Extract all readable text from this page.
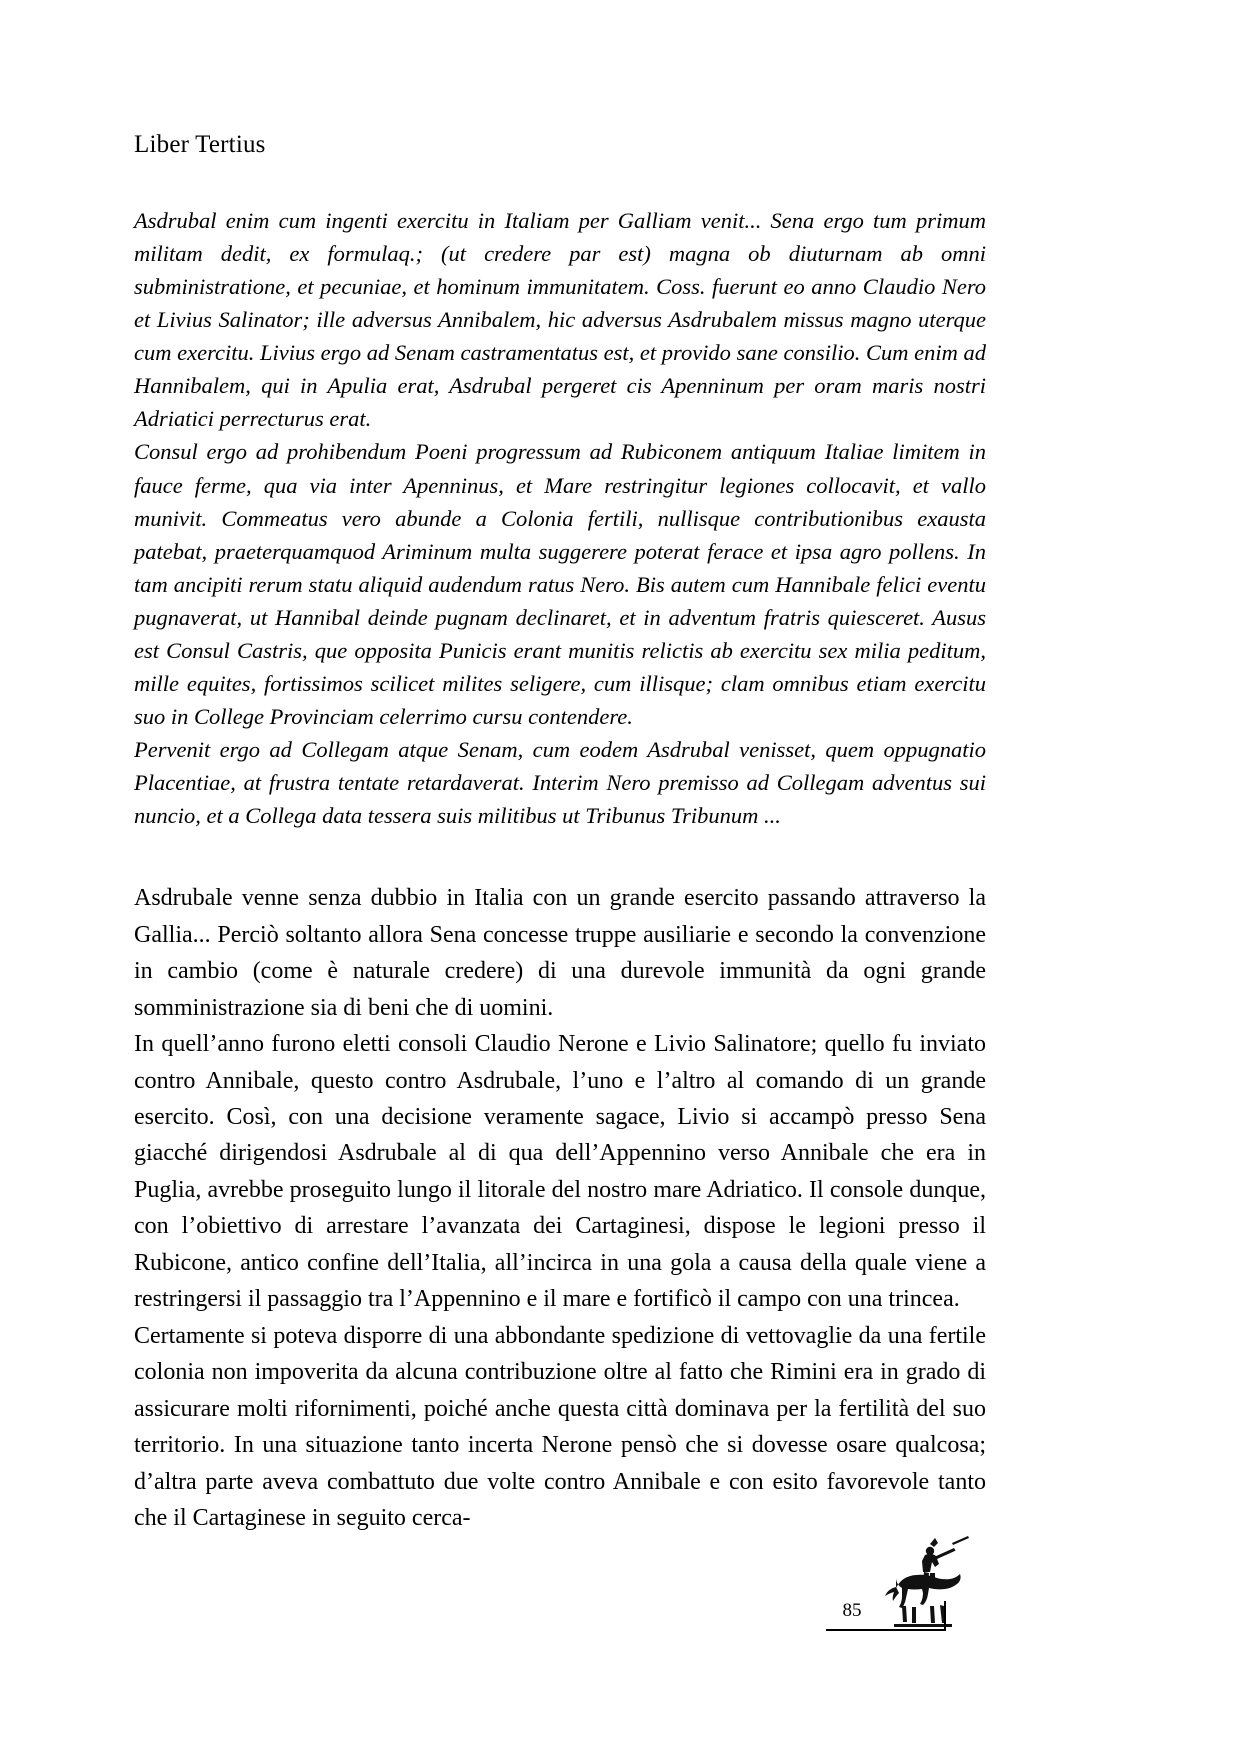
Liber Tertius

Asdrubal enim cum ingenti exercitu in Italiam per Galliam venit... Sena ergo tum primum militam dedit, ex formulaq.; (ut credere par est) magna ob diuturnam ab omni subministratione, et pecuniae, et hominum immunitatem. Coss. fuerunt eo anno Claudio Nero et Livius Salinator; ille adversus Annibalem, hic adversus Asdrubalem missus magno uterque cum exercitu. Livius ergo ad Senam castramentatus est, et provido sane consilio. Cum enim ad Hannibalem, qui in Apulia erat, Asdrubal pergeret cis Apenninum per oram maris nostri Adriatici perrecturus erat.

Consul ergo ad prohibendum Poeni progressum ad Rubiconem antiquum Italiae limitem in fauce ferme, qua via inter Apenninus, et Mare restringitur legiones collocavit, et vallo munivit. Commeatus vero abunde a Colonia fertili, nullisque contributionibus exausta patebat, praeterquamquod Ariminum multa suggerere poterat ferace et ipsa agro pollens. In tam ancipiti rerum statu aliquid audendum ratus Nero. Bis autem cum Hannibale felici eventu pugnaverat, ut Hannibal deinde pugnam declinaret, et in adventum fratris quiesceret. Ausus est Consul Castris, que opposita Punicis erant munitis relictis ab exercitu sex milia peditum, mille equites, fortissimos scilicet milites seligere, cum illisque; clam omnibus etiam exercitu suo in College Provinciam celerrimo cursu contendere.

Pervenit ergo ad Collegam atque Senam, cum eodem Asdrubal venisset, quem oppugnatio Placentiae, at frustra tentate retardaverat. Interim Nero premisso ad Collegam adventus sui nuncio, et a Collega data tessera suis militibus ut Tribunus Tribunum ...

Asdrubale venne senza dubbio in Italia con un grande esercito passando attraverso la Gallia... Perciò soltanto allora Sena concesse truppe ausiliarie e secondo la convenzione in cambio (come è naturale credere) di una durevole immunità da ogni grande somministrazione sia di beni che di uomini.

In quell’anno furono eletti consoli Claudio Nerone e Livio Salinatore; quello fu inviato contro Annibale, questo contro Asdrubale, l’uno e l’altro al comando di un grande esercito. Così, con una decisione veramente sagace, Livio si accampò presso Sena giacché dirigendosi Asdrubale al di qua dell’Appennino verso Annibale che era in Puglia, avrebbe proseguito lungo il litorale del nostro mare Adriatico. Il console dunque, con l’obiettivo di arrestare l’avanzata dei Cartaginesi, dispose le legioni presso il Rubicone, antico confine dell’Italia, all’incirca in una gola a causa della quale viene a restringersi il passaggio tra l’Appennino e il mare e fortificò il campo con una trincea.

Certamente si poteva disporre di una abbondante spedizione di vettovaglie da una fertile colonia non impoverita da alcuna contribuzione oltre al fatto che Rimini era in grado di assicurare molti rifornimenti, poiché anche questa città dominava per la fertilità del suo territorio. In una situazione tanto incerta Nerone pensò che si dovesse osare qualcosa; d’altra parte aveva combattuto due volte contro Annibale e con esito favorevole tanto che il Cartaginese in seguito cerca-

85
